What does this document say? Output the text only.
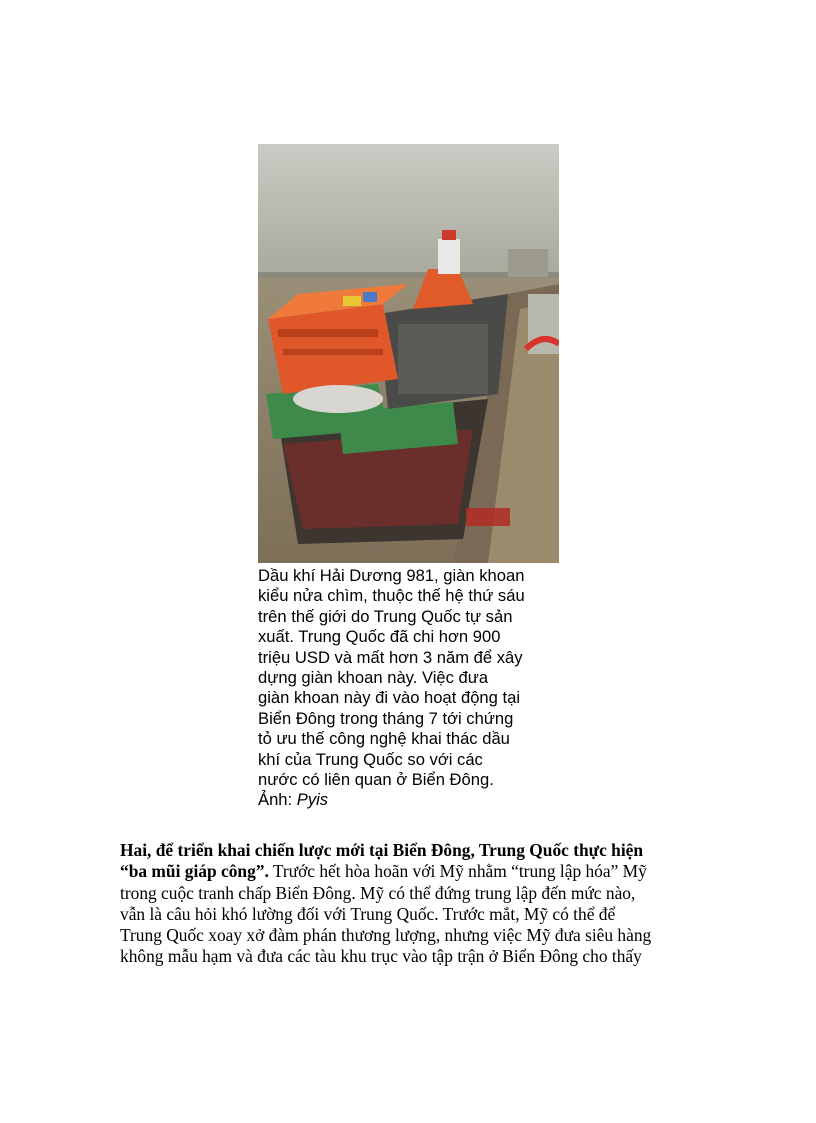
Dầu khí Hải Dương 981, giàn khoan
kiểu nửa chìm, thuộc thế hệ thứ sáu
trên thế giới do Trung Quốc tự sản
xuất. Trung Quốc đã chi hơn 900
triệu USD và mất hơn 3 năm để xây
dựng giàn khoan này. Việc đưa
giàn khoan này đi vào hoạt động tại
Biển Đông trong tháng 7 tới chứng
tỏ ưu thế công nghệ khai thác dầu
khí của Trung Quốc so với các
nước có liên quan ở Biển Đông.
Ảnh: Pyis
Hai, để triển khai chiến lược mới tại Biển Đông, Trung Quốc thực hiện
“ba mũi giáp công”. Trước hết hòa hoãn với Mỹ nhằm “trung lập hóa” Mỹ
trong cuộc tranh chấp Biển Đông. Mỹ có thể đứng trung lập đến mức nào,
vẫn là câu hỏi khó lường đối với Trung Quốc. Trước mắt, Mỹ có thể để
Trung Quốc xoay xở đàm phán thương lượng, nhưng việc Mỹ đưa siêu hàng
không mẫu hạm và đưa các tàu khu trục vào tập trận ở Biển Đông cho thấy
